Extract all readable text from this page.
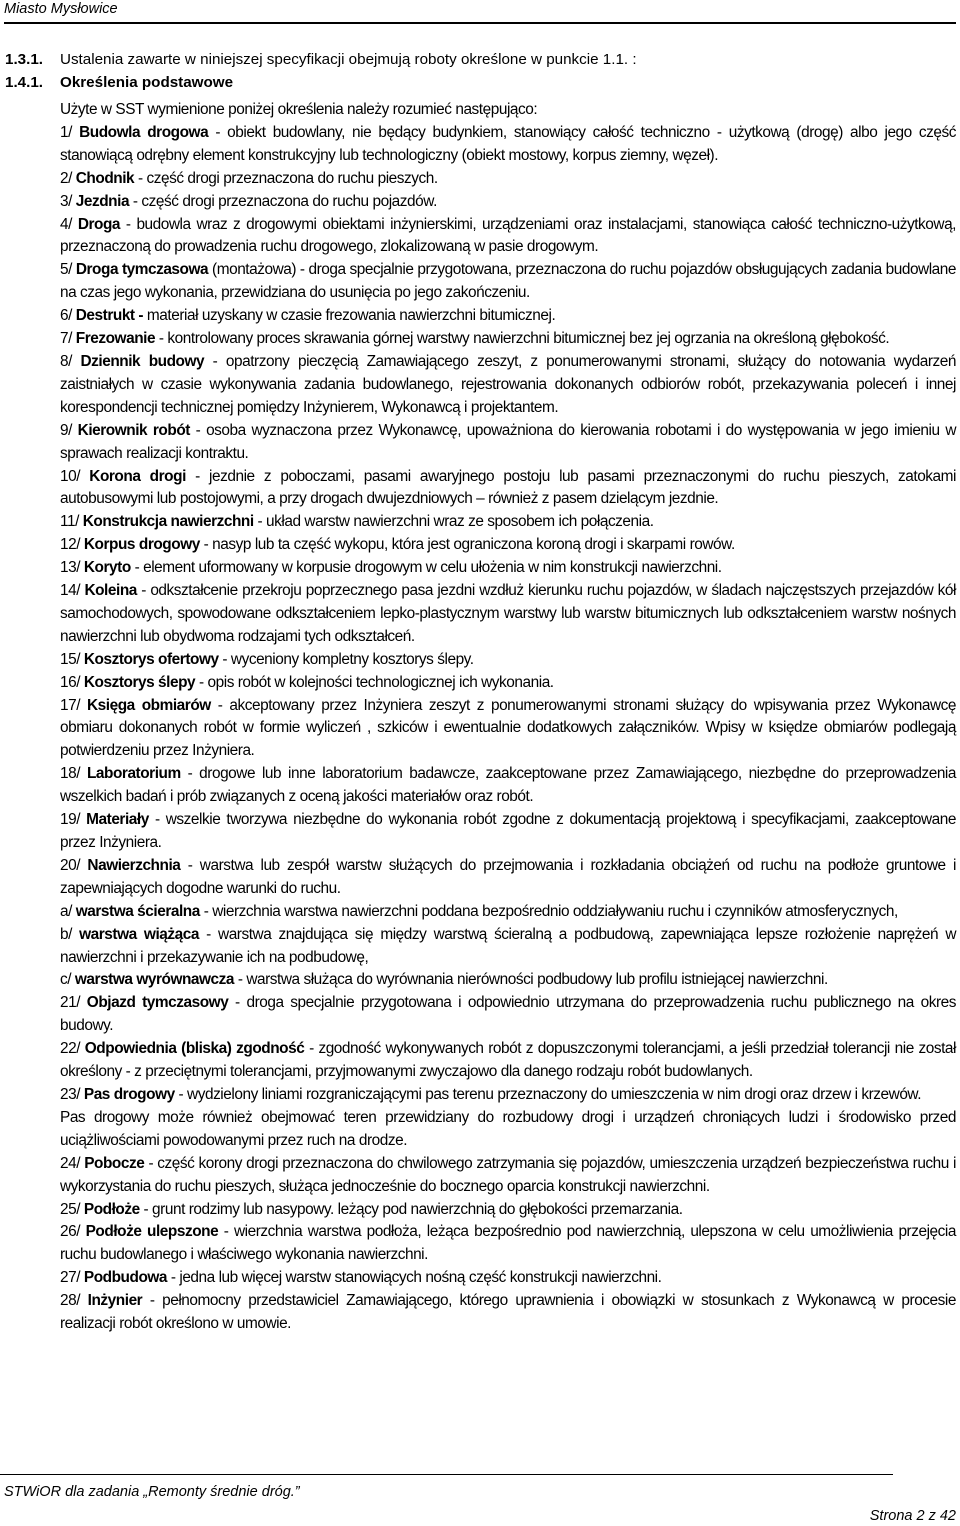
Miasto Mysłowice
1.3.1. Ustalenia zawarte w niniejszej specyfikacji obejmują roboty określone w punkcie 1.1. :
1.4.1. Określenia podstawowe

Użyte w SST wymienione poniżej określenia należy rozumieć następująco:

1/ Budowla drogowa - obiekt budowlany, nie będący budynkiem, stanowiący całość techniczno - użytkową (drogę) albo jego część stanowiącą odrębny element konstrukcyjny lub technologiczny (obiekt mostowy, korpus ziemny, węzeł).

2/ Chodnik - część drogi przeznaczona do ruchu pieszych.

3/ Jezdnia - część drogi przeznaczona do ruchu pojazdów.

4/ Droga - budowla wraz z drogowymi obiektami inżynierskimi, urządzeniami oraz instalacjami, stanowiąca całość techniczno-użytkową, przeznaczoną do prowadzenia ruchu drogowego, zlokalizowaną w pasie drogowym.

5/ Droga tymczasowa (montażowa) - droga specjalnie przygotowana, przeznaczona do ruchu pojazdów obsługujących zadania budowlane na czas jego wykonania, przewidziana do usunięcia po jego zakończeniu.

6/ Destrukt - materiał uzyskany w czasie frezowania nawierzchni bitumicznej.

7/ Frezowanie - kontrolowany proces skrawania górnej warstwy nawierzchni bitumicznej bez jej ogrzania na określoną głębokość.

8/ Dziennik budowy - opatrzony pieczęcią Zamawiającego zeszyt, z ponumerowanymi stronami, służący do notowania wydarzeń zaistniałych w czasie wykonywania zadania budowlanego, rejestrowania dokonanych odbiorów robót, przekazywania poleceń i innej korespondencji technicznej pomiędzy Inżynierem, Wykonawcą i projektantem.

9/ Kierownik robót - osoba wyznaczona przez Wykonawcę, upoważniona do kierowania robotami i do występowania w jego imieniu w sprawach realizacji kontraktu.

10/ Korona drogi - jezdnie z poboczami, pasami awaryjnego postoju lub pasami przeznaczonymi do ruchu pieszych, zatokami autobusowymi lub postojowymi, a przy drogach dwujezdniowych – również z pasem dzielącym jezdnie.

11/ Konstrukcja nawierzchni - układ warstw nawierzchni wraz ze sposobem ich połączenia.

12/ Korpus drogowy - nasyp lub ta część wykopu, która jest ograniczona koroną drogi i skarpami rowów.

13/ Koryto - element uformowany w korpusie drogowym w celu ułożenia w nim konstrukcji nawierzchni.

14/ Koleina - odkształcenie przekroju poprzecznego pasa jezdni wzdłuż kierunku ruchu pojazdów, w śladach najczęstszych przejazdów kół samochodowych, spowodowane odkształceniem lepko-plastycznym warstwy lub warstw bitumicznych lub odkształceniem warstw nośnych nawierzchni lub obydwoma rodzajami tych odkształceń.

15/ Kosztorys ofertowy - wyceniony kompletny kosztorys ślepy.

16/ Kosztorys ślepy - opis robót w kolejności technologicznej ich wykonania.

17/ Księga obmiarów - akceptowany przez Inżyniera zeszyt z ponumerowanymi stronami służący do wpisywania przez Wykonawcę obmiaru dokonanych robót w formie wyliczeń , szkiców i ewentualnie dodatkowych załączników. Wpisy w księdze obmiarów podlegają potwierdzeniu przez Inżyniera.

18/ Laboratorium - drogowe lub inne laboratorium badawcze, zaakceptowane przez Zamawiającego, niezbędne do przeprowadzenia wszelkich badań i prób związanych z oceną jakości materiałów oraz robót.

19/ Materiały - wszelkie tworzywa niezbędne do wykonania robót zgodne z dokumentacją projektową i specyfikacjami, zaakceptowane przez Inżyniera.

20/ Nawierzchnia - warstwa lub zespół warstw służących do przejmowania i rozkładania obciążeń od ruchu na podłoże gruntowe i zapewniających dogodne warunki do ruchu.

a/ warstwa ścieralna - wierzchnia warstwa nawierzchni poddana bezpośrednio oddziaływaniu ruchu i czynników atmosferycznych,

b/ warstwa wiążąca - warstwa znajdująca się między warstwą ścieralną a podbudową, zapewniająca lepsze rozłożenie naprężeń w nawierzchni i przekazywanie ich na podbudowę,

c/ warstwa wyrównawcza - warstwa służąca do wyrównania nierówności podbudowy lub profilu istniejącej nawierzchni.

21/ Objazd tymczasowy - droga specjalnie przygotowana i odpowiednio utrzymana do przeprowadzenia ruchu publicznego na okres budowy.

22/ Odpowiednia (bliska) zgodność - zgodność wykonywanych robót z dopuszczonymi tolerancjami, a jeśli przedział tolerancji nie został określony - z przeciętnymi tolerancjami, przyjmowanymi zwyczajowo dla danego rodzaju robót budowlanych.

23/ Pas drogowy - wydzielony liniami rozgraniczającymi pas terenu przeznaczony do umieszczenia w nim drogi oraz drzew i krzewów.

Pas drogowy może również obejmować teren przewidziany do rozbudowy drogi i urządzeń chroniących ludzi i środowisko przed uciążliwościami powodowanymi przez ruch na drodze.

24/ Pobocze - część korony drogi przeznaczona do chwilowego zatrzymania się pojazdów, umieszczenia urządzeń bezpieczeństwa ruchu i wykorzystania do ruchu pieszych, służąca jednocześnie do bocznego oparcia konstrukcji nawierzchni.

25/ Podłoże - grunt rodzimy lub nasypowy. leżący pod nawierzchnią do głębokości przemarzania.

26/ Podłoże ulepszone - wierzchnia warstwa podłoża, leżąca bezpośrednio pod nawierzchnią, ulepszona w celu umożliwienia przejęcia ruchu budowlanego i właściwego wykonania nawierzchni.

27/ Podbudowa - jedna lub więcej warstw stanowiących nośną część konstrukcji nawierzchni.

28/ Inżynier - pełnomocny przedstawiciel Zamawiającego, którego uprawnienia i obowiązki w stosunkach z Wykonawcą w procesie realizacji robót określono w umowie.

STWiOR dla zadania „Remonty średnie dróg.”
Strona 2 z 42
